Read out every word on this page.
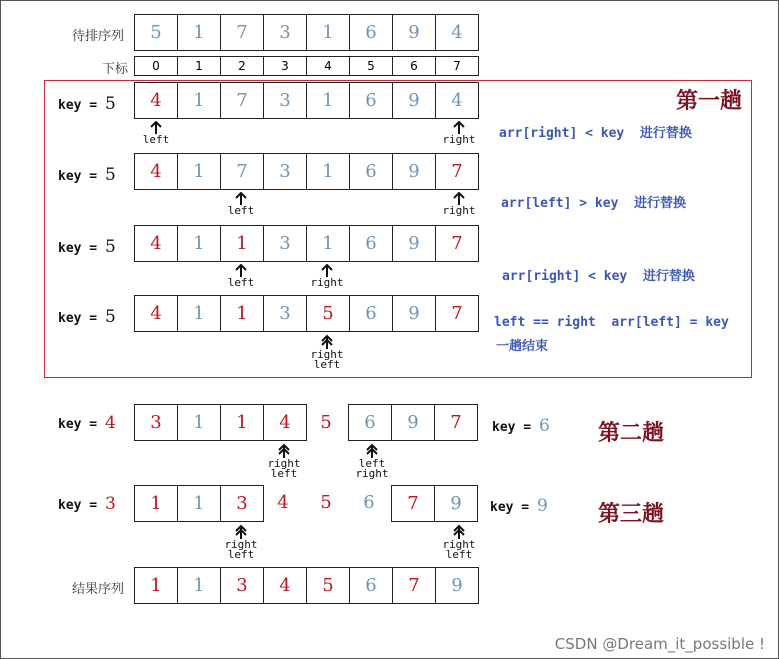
待排序列	5	1	7	3	1	6	9	4
下标	0	1	2	3	4	5	6	7
第一趟
key = 5	4	1	7	3	1	6	9	4
left	right	arr[right] < key  进行替换
key = 5	4	1	7	3	1	6	9	7
left	right	arr[left] > key  进行替换
key = 5	4	1	1	3	1	6	9	7
left	right	arr[right] < key  进行替换
key = 5	4	1	1	3	5	6	9	7
right
left
left == right  arr[left] = key
一趟结束
key = 4	3	1	1	4	5	6	9	7	key = 6 第二趟
right
left
left
right
key = 3	1	1	3	4	5	6	7	9	key = 9 第三趟
right
left
right
left
结果序列	1	1	3	4	5	6	7	9
CSDN @Dream_it_possible !
